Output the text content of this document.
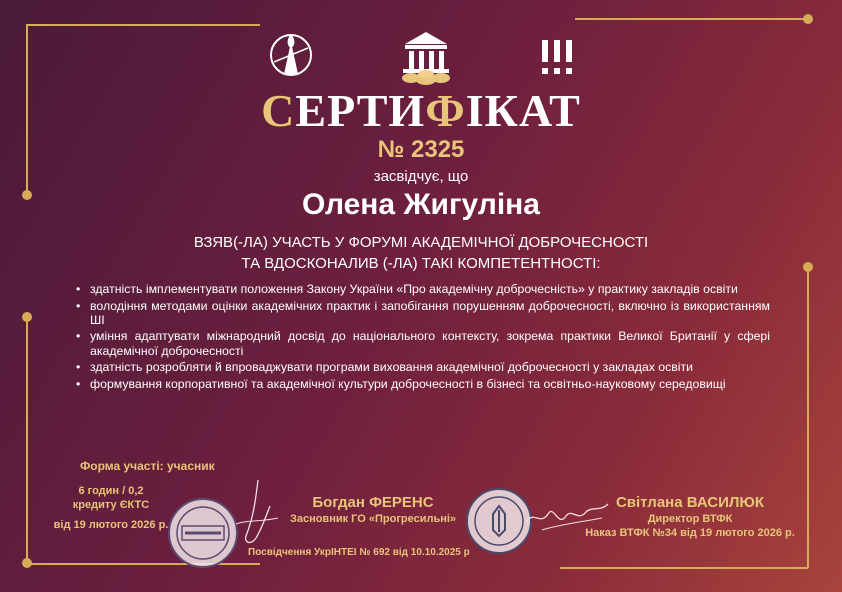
СЕРТИФІКАТ
№ 2325
засвідчує, що
Олена Жигуліна
ВЗЯВ(-ЛА) УЧАСТЬ У ФОРУМІ АКАДЕМІЧНОЇ ДОБРОЧЕСНОСТІ
ТА ВДОСКОНАЛИВ (-ЛА) ТАКІ КОМПЕТЕНТНОСТІ:
• здатність імплементувати положення Закону України «Про академічну доброчесність» у практику закладів освіти
• володіння методами оцінки академічних практик і запобігання порушенням доброчесності, включно із використанням ШІ
• уміння адаптувати міжнародний досвід до національного контексту, зокрема практики Великої Британії у сфері академічної доброчесності
• здатність розробляти й впроваджувати програми виховання академічної доброчесності у закладах освіти
• формування корпоративної та академічної культури доброчесності в бізнесі та освітньо-науковому середовищі
Форма участі: учасник
6 годин / 0,2
кредиту ЄКТС
від 19 лютого 2026 р.
Богдан ФЕРЕНС
Засновник ГО «Прогресильні»
Посвідчення УкрІНТЕІ № 692 від 10.10.2025 р
Світлана ВАСИЛЮК
Директор ВТФК
Наказ ВТФК №34 від 19 лютого 2026 р.
